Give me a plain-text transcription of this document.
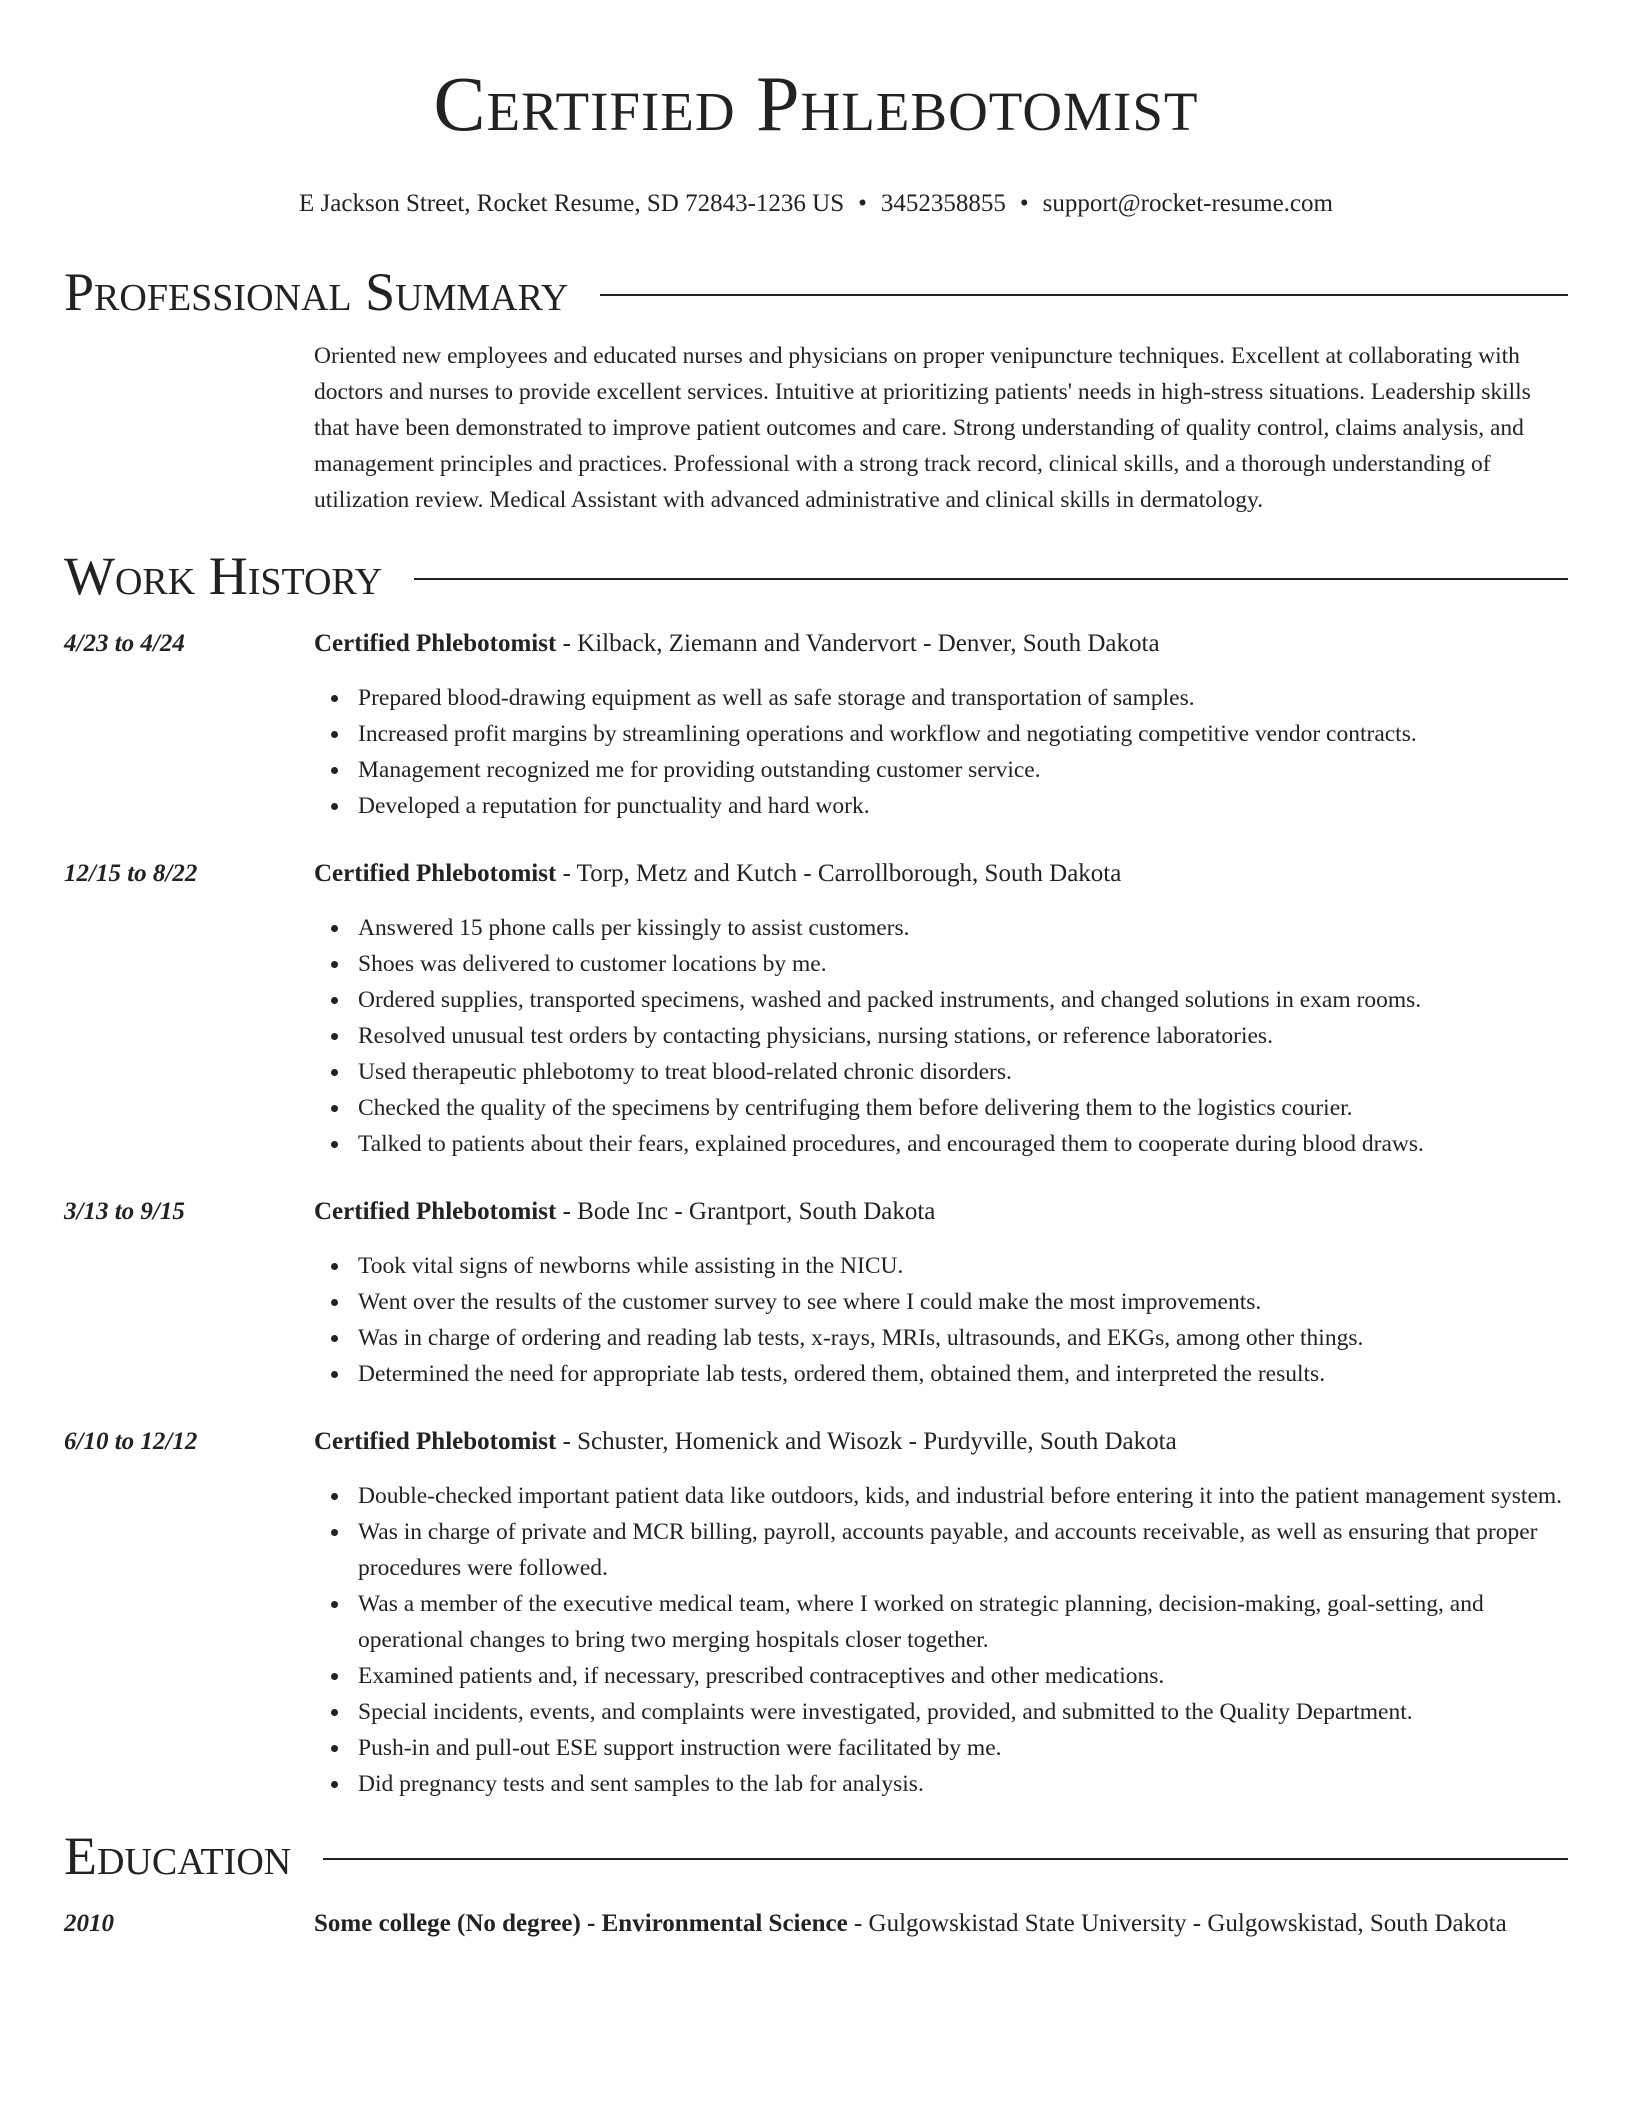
Certified Phlebotomist
E Jackson Street, Rocket Resume, SD 72843-1236 US • 3452358855 • support@rocket-resume.com
Professional Summary
Oriented new employees and educated nurses and physicians on proper venipuncture techniques. Excellent at collaborating with doctors and nurses to provide excellent services. Intuitive at prioritizing patients' needs in high-stress situations. Leadership skills that have been demonstrated to improve patient outcomes and care. Strong understanding of quality control, claims analysis, and management principles and practices. Professional with a strong track record, clinical skills, and a thorough understanding of utilization review. Medical Assistant with advanced administrative and clinical skills in dermatology.
Work History
4/23 to 4/24	Certified Phlebotomist - Kilback, Ziemann and Vandervort - Denver, South Dakota
Prepared blood-drawing equipment as well as safe storage and transportation of samples.
Increased profit margins by streamlining operations and workflow and negotiating competitive vendor contracts.
Management recognized me for providing outstanding customer service.
Developed a reputation for punctuality and hard work.
12/15 to 8/22	Certified Phlebotomist - Torp, Metz and Kutch - Carrollborough, South Dakota
Answered 15 phone calls per kissingly to assist customers.
Shoes was delivered to customer locations by me.
Ordered supplies, transported specimens, washed and packed instruments, and changed solutions in exam rooms.
Resolved unusual test orders by contacting physicians, nursing stations, or reference laboratories.
Used therapeutic phlebotomy to treat blood-related chronic disorders.
Checked the quality of the specimens by centrifuging them before delivering them to the logistics courier.
Talked to patients about their fears, explained procedures, and encouraged them to cooperate during blood draws.
3/13 to 9/15	Certified Phlebotomist - Bode Inc - Grantport, South Dakota
Took vital signs of newborns while assisting in the NICU.
Went over the results of the customer survey to see where I could make the most improvements.
Was in charge of ordering and reading lab tests, x-rays, MRIs, ultrasounds, and EKGs, among other things.
Determined the need for appropriate lab tests, ordered them, obtained them, and interpreted the results.
6/10 to 12/12	Certified Phlebotomist - Schuster, Homenick and Wisozk - Purdyville, South Dakota
Double-checked important patient data like outdoors, kids, and industrial before entering it into the patient management system.
Was in charge of private and MCR billing, payroll, accounts payable, and accounts receivable, as well as ensuring that proper procedures were followed.
Was a member of the executive medical team, where I worked on strategic planning, decision-making, goal-setting, and operational changes to bring two merging hospitals closer together.
Examined patients and, if necessary, prescribed contraceptives and other medications.
Special incidents, events, and complaints were investigated, provided, and submitted to the Quality Department.
Push-in and pull-out ESE support instruction were facilitated by me.
Did pregnancy tests and sent samples to the lab for analysis.
Education
2010	Some college (No degree) - Environmental Science - Gulgowskistad State University - Gulgowskistad, South Dakota
